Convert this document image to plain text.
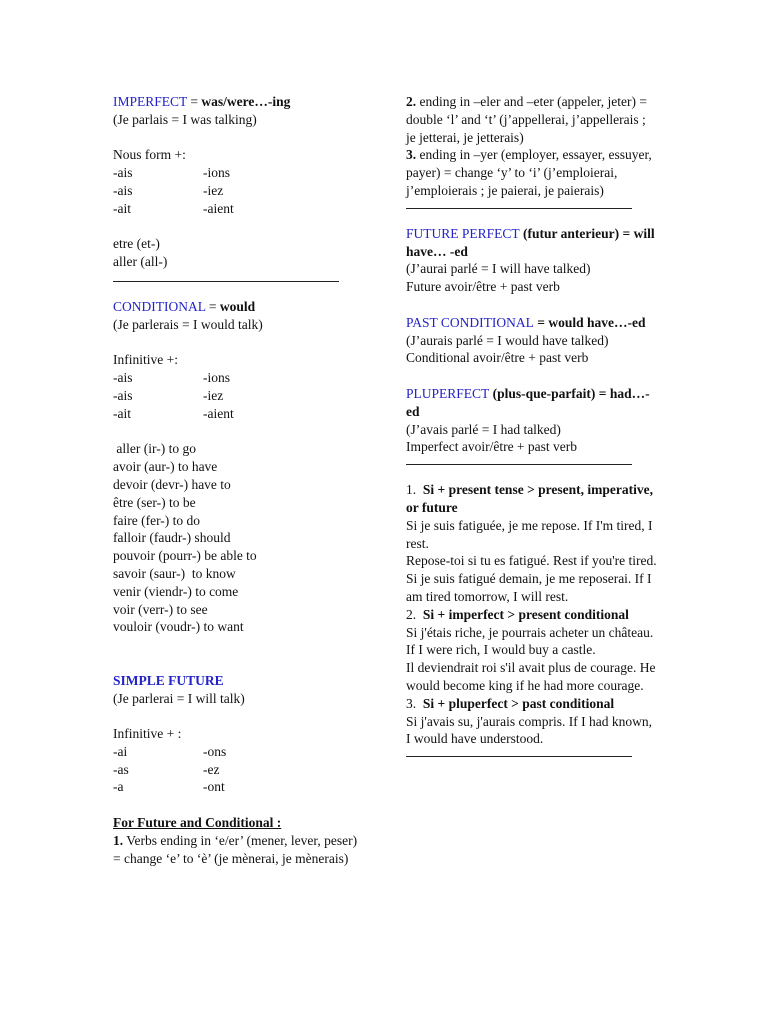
IMPERFECT = was/were…-ing
(Je parlais = I was talking)
Nous form +:
-ais	-ions
-ais	-iez
-ait	-aient
etre (et-)
aller (all-)
CONDITIONAL = would
(Je parlerais = I would talk)
Infinitive +:
-ais	-ions
-ais	-iez
-ait	-aient
aller (ir-) to go
avoir (aur-) to have
devoir (devr-) have to
être (ser-) to be
faire (fer-) to do
falloir (faudr-) should
pouvoir (pourr-) be able to
savoir (saur-)  to know
venir (viendr-) to come
voir (verr-) to see
vouloir (voudr-) to want
SIMPLE FUTURE
(Je parlerai = I will talk)
Infinitive + :
-ai	-ons
-as	-ez
-a	-ont
For Future and Conditional :
1. Verbs ending in ‘e/er’ (mener, lever, peser) = change ‘e’ to ‘è’ (je mènerai, je mènerais)
2. ending in –eler and –eter (appeler, jeter) = double ‘l’ and ‘t’ (j’appellerai, j’appellerais ; je jetterai, je jetterais)
3. ending in –yer (employer, essayer, essuyer, payer) = change ‘y’ to ‘i’ (j’emploierai, j’emploierais ; je paierai, je paierais)
FUTURE PERFECT (futur anterieur) = will have… -ed
(J’aurai parlé = I will have talked)
Future avoir/être + past verb
PAST CONDITIONAL = would have…-ed
(J’aurais parlé = I would have talked)
Conditional avoir/être + past verb
PLUPERFECT (plus-que-parfait) = had…-ed
(J’avais parlé = I had talked)
Imperfect avoir/être + past verb
1.  Si + present tense > present, imperative, or future
Si je suis fatiguée, je me repose. If I'm tired, I rest.
Repose-toi si tu es fatigué. Rest if you're tired.
Si je suis fatigué demain, je me reposerai. If I am tired tomorrow, I will rest.
2.  Si + imperfect > present conditional
Si j'étais riche, je pourrais acheter un château. If I were rich, I would buy a castle.
Il deviendrait roi s'il avait plus de courage. He would become king if he had more courage.
3.  Si + pluperfect > past conditional
Si j'avais su, j'aurais compris. If I had known, I would have understood.
